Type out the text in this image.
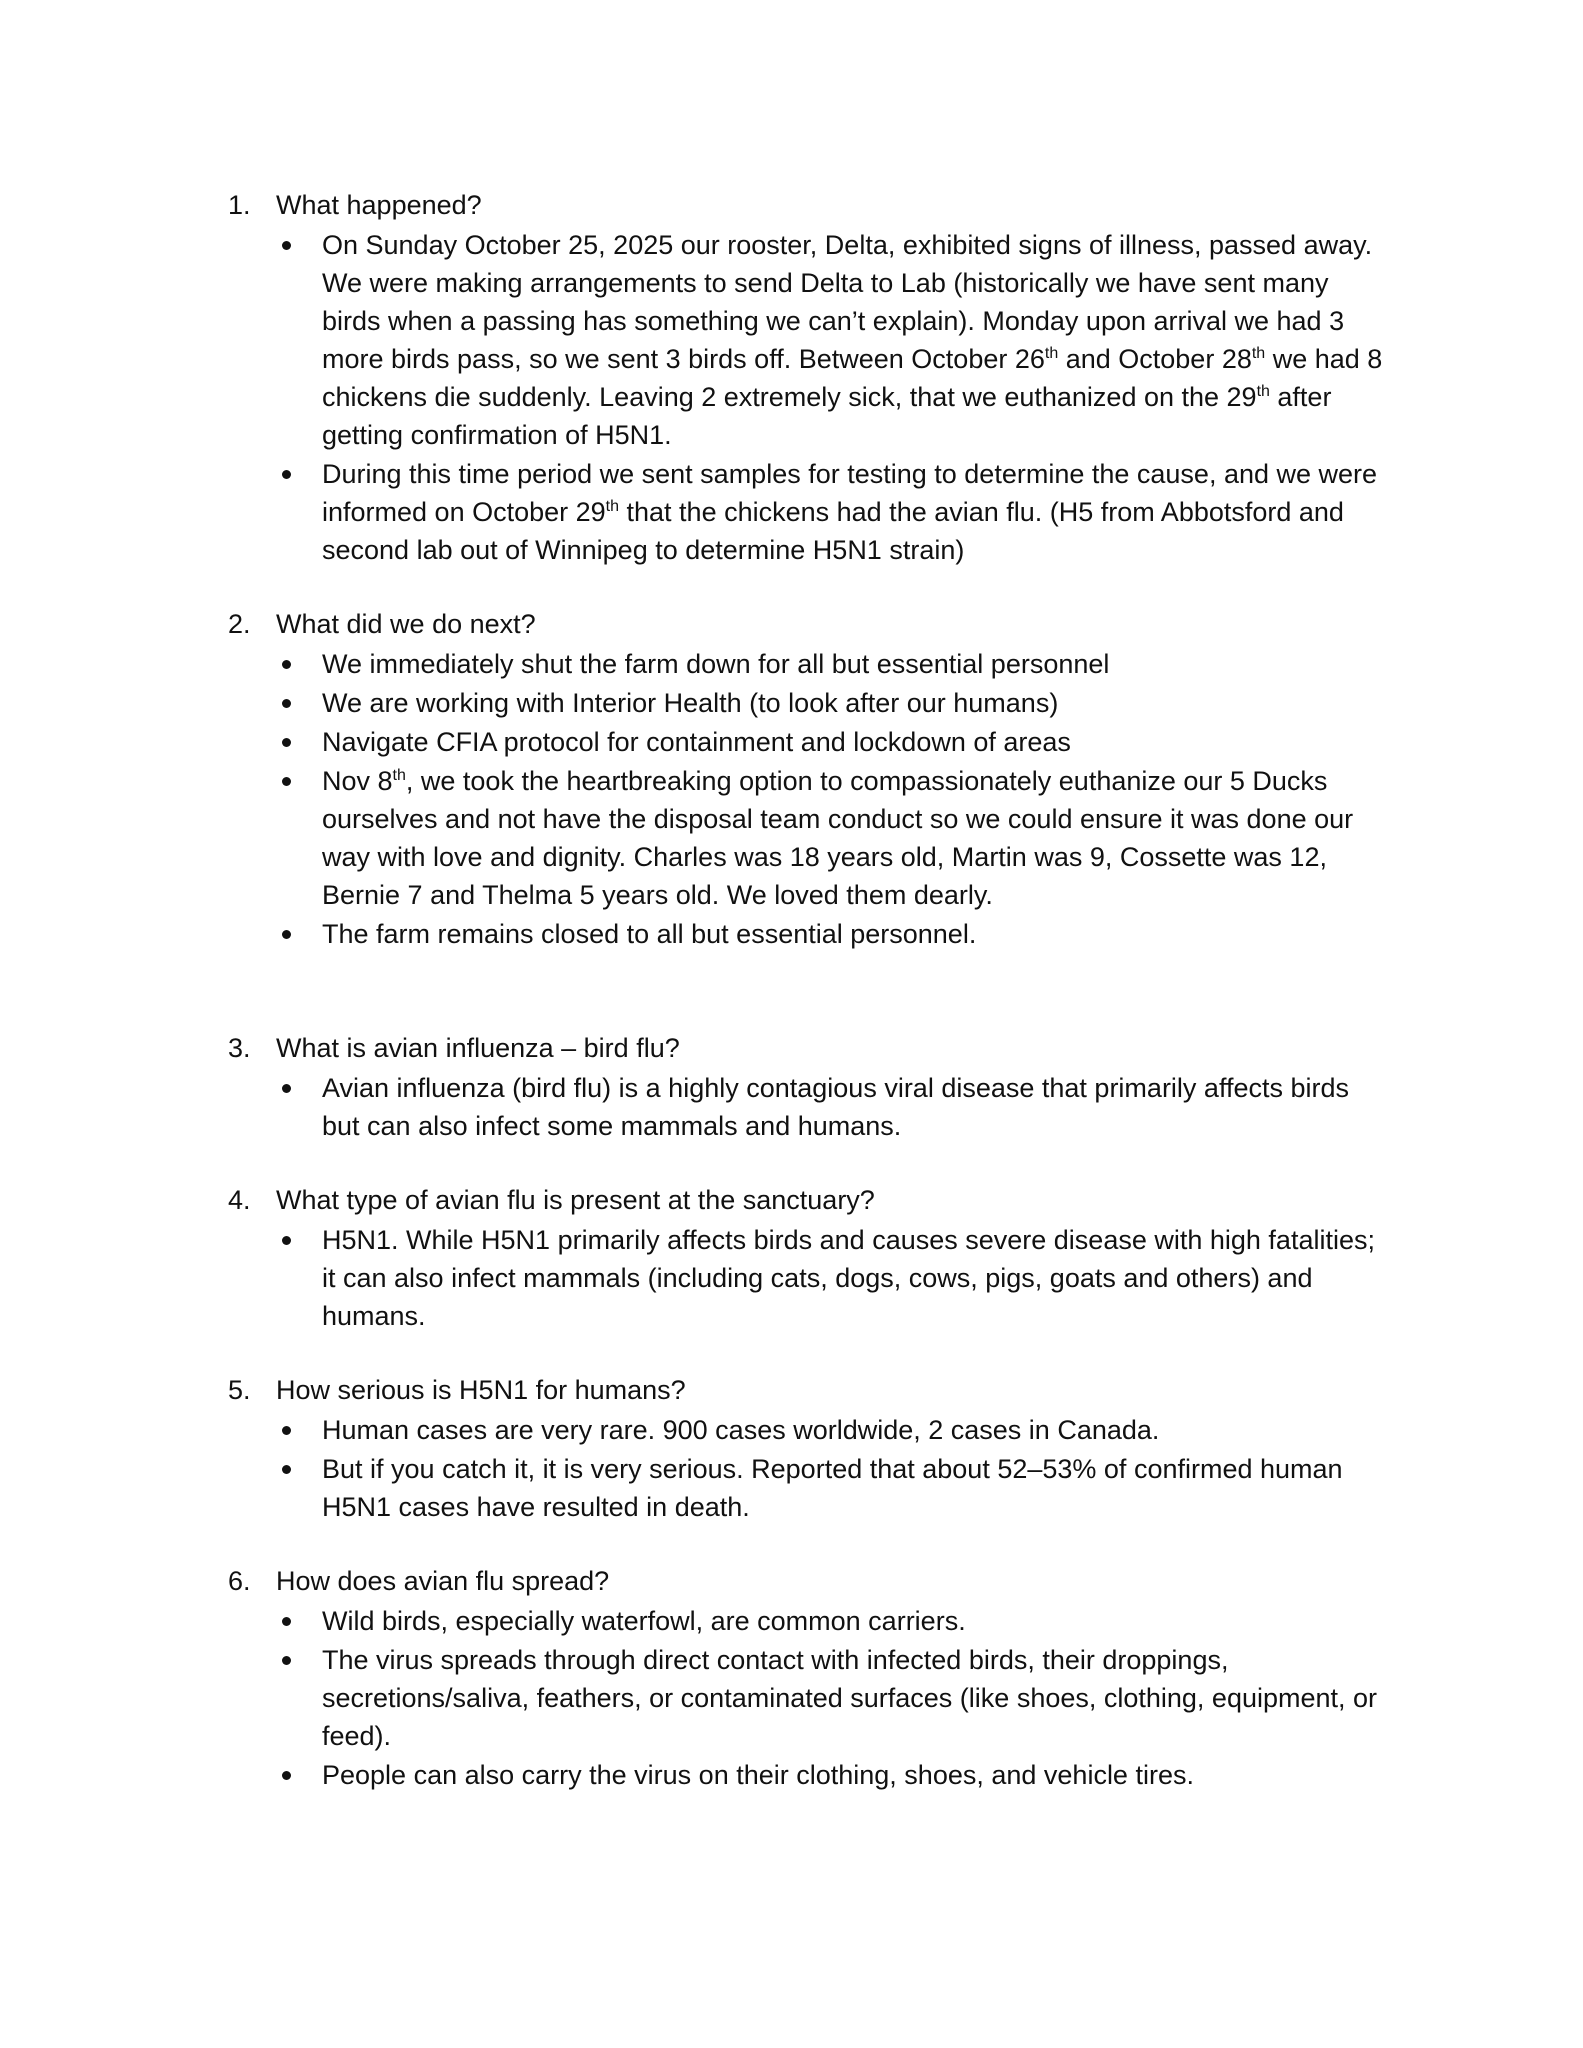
1. What happened?
On Sunday October 25, 2025 our rooster, Delta, exhibited signs of illness, passed away. We were making arrangements to send Delta to Lab (historically we have sent many birds when a passing has something we can’t explain). Monday upon arrival we had 3 more birds pass, so we sent 3 birds off. Between October 26th and October 28th we had 8 chickens die suddenly. Leaving 2 extremely sick, that we euthanized on the 29th after getting confirmation of H5N1.
During this time period we sent samples for testing to determine the cause, and we were informed on October 29th that the chickens had the avian flu. (H5 from Abbotsford and second lab out of Winnipeg to determine H5N1 strain)
2. What did we do next?
We immediately shut the farm down for all but essential personnel
We are working with Interior Health (to look after our humans)
Navigate CFIA protocol for containment and lockdown of areas
Nov 8th, we took the heartbreaking option to compassionately euthanize our 5 Ducks ourselves and not have the disposal team conduct so we could ensure it was done our way with love and dignity. Charles was 18 years old, Martin was 9, Cossette was 12, Bernie 7 and Thelma 5 years old. We loved them dearly.
The farm remains closed to all but essential personnel.
3. What is avian influenza – bird flu?
Avian influenza (bird flu) is a highly contagious viral disease that primarily affects birds but can also infect some mammals and humans.
4. What type of avian flu is present at the sanctuary?
H5N1. While H5N1 primarily affects birds and causes severe disease with high fatalities; it can also infect mammals (including cats, dogs, cows, pigs, goats and others) and humans.
5. How serious is H5N1 for humans?
Human cases are very rare. 900 cases worldwide, 2 cases in Canada.
But if you catch it, it is very serious. Reported that about 52–53% of confirmed human H5N1 cases have resulted in death.
6. How does avian flu spread?
Wild birds, especially waterfowl, are common carriers.
The virus spreads through direct contact with infected birds, their droppings, secretions/saliva, feathers, or contaminated surfaces (like shoes, clothing, equipment, or feed).
People can also carry the virus on their clothing, shoes, and vehicle tires.
